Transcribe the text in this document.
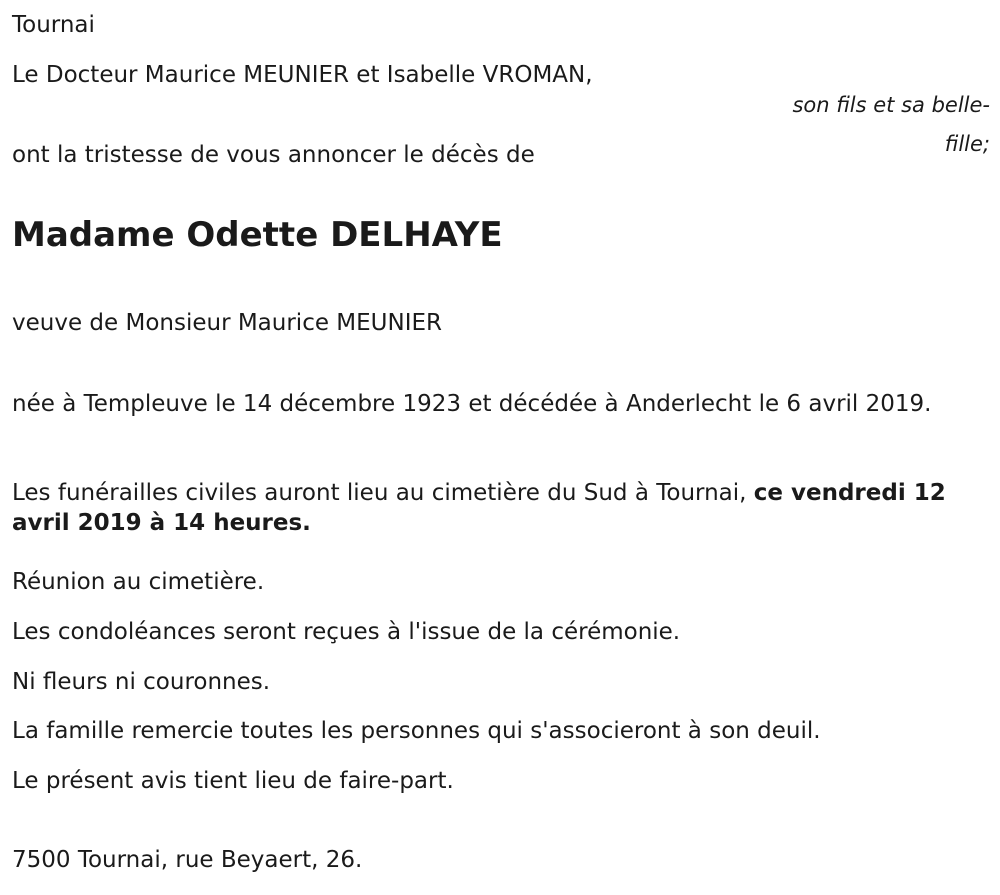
Tournai

Le Docteur Maurice MEUNIER et Isabelle VROMAN,

son fils et sa belle-fille;

ont la tristesse de vous annoncer le décès de

Madame Odette DELHAYE

veuve de Monsieur Maurice MEUNIER

née à Templeuve le 14 décembre 1923 et décédée à Anderlecht le 6 avril 2019.

Les funérailles civiles auront lieu au cimetière du Sud à Tournai, ce vendredi 12 avril 2019 à 14 heures.

Réunion au cimetière.

Les condoléances seront reçues à l'issue de la cérémonie.

Ni fleurs ni couronnes.

La famille remercie toutes les personnes qui s'associeront à son deuil.

Le présent avis tient lieu de faire-part.

7500 Tournai, rue Beyaert, 26.
